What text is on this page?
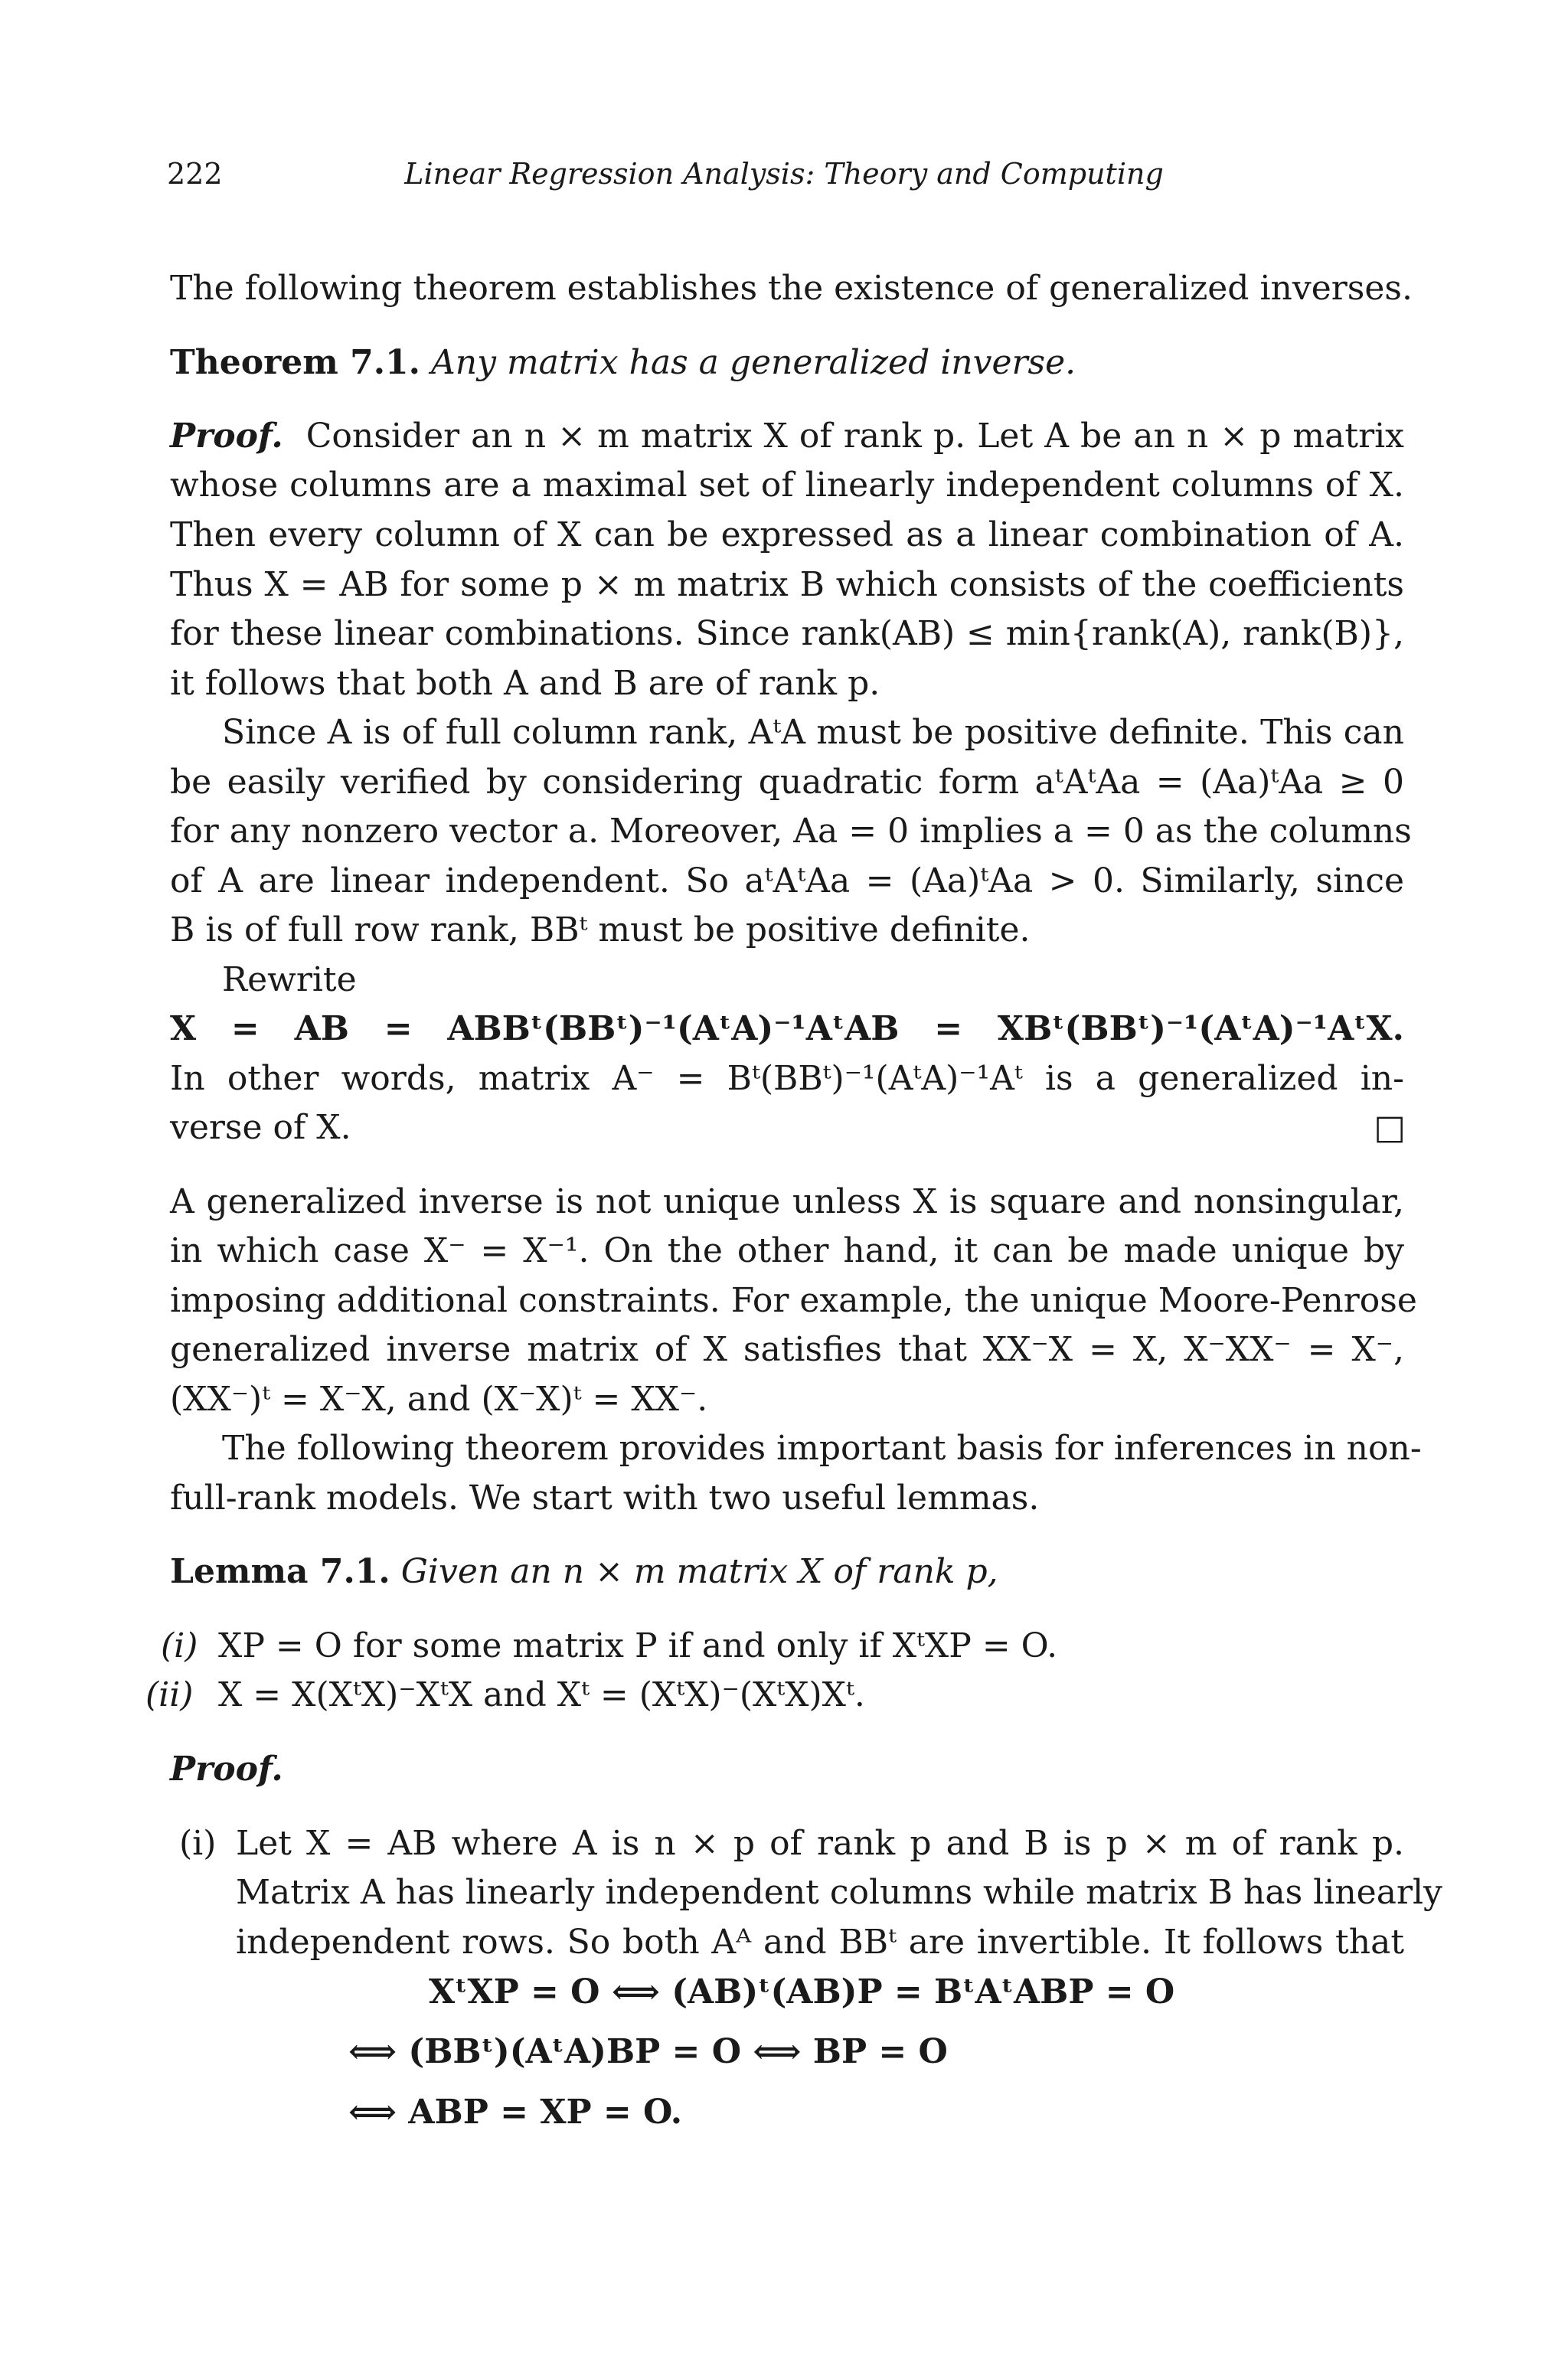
222	Linear Regression Analysis: Theory and Computing
The following theorem establishes the existence of generalized inverses.
Theorem 7.1. Any matrix has a generalized inverse.
Proof. Consider an n × m matrix X of rank p. Let A be an n × p matrix
whose columns are a maximal set of linearly independent columns of X.
Then every column of X can be expressed as a linear combination of A.
Thus X = AB for some p × m matrix B which consists of the coefficients
for these linear combinations. Since rank(AB) ≤ min{rank(A), rank(B)},
it follows that both A and B are of rank p.
Since A is of full column rank, AᵗA must be positive definite. This can
be easily verified by considering quadratic form aᵗAᵗAa = (Aa)ᵗAa ≥ 0
for any nonzero vector a. Moreover, Aa = 0 implies a = 0 as the columns
of A are linear independent. So aᵗAᵗAa = (Aa)ᵗAa > 0. Similarly, since
B is of full row rank, BBᵗ must be positive definite.
Rewrite
X = AB = ABBᵗ(BBᵗ)⁻¹(AᵗA)⁻¹AᵗAB = XBᵗ(BBᵗ)⁻¹(AᵗA)⁻¹AᵗX.
In other words, matrix A⁻ = Bᵗ(BBᵗ)⁻¹(AᵗA)⁻¹Aᵗ is a generalized in-
verse of X.	□
A generalized inverse is not unique unless X is square and nonsingular,
in which case X⁻ = X⁻¹. On the other hand, it can be made unique by
imposing additional constraints. For example, the unique Moore-Penrose
generalized inverse matrix of X satisfies that XX⁻X = X, X⁻XX⁻ = X⁻,
(XX⁻)ᵗ = X⁻X, and (X⁻X)ᵗ = XX⁻.
The following theorem provides important basis for inferences in non-
full-rank models. We start with two useful lemmas.
Lemma 7.1. Given an n × m matrix X of rank p,
(i) XP = O for some matrix P if and only if XᵗXP = O.
(ii) X = X(XᵗX)⁻XᵗX and Xᵗ = (XᵗX)⁻(XᵗX)Xᵗ.
Proof.
(i) Let X = AB where A is n × p of rank p and B is p × m of rank p.
Matrix A has linearly independent columns while matrix B has linearly
independent rows. So both Aᴬ and BBᵗ are invertible. It follows that
XᵗXP = O ⟺ (AB)ᵗ(AB)P = BᵗAᵗABP = O
⟺ (BBᵗ)(AᵗA)BP = O ⟺ BP = O
⟺ ABP = XP = O.
